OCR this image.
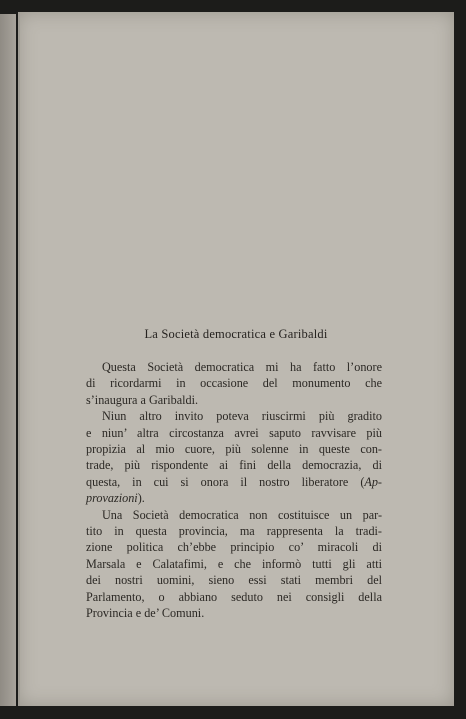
La Società democratica e Garibaldi
Questa Società democratica mi ha fatto l’onore
di ricordarmi in occasione del monumento che
s’inaugura a Garibaldi.
Niun altro invito poteva riuscirmi più gradito
e niun’ altra circostanza avrei saputo ravvisare più
propizia al mio cuore, più solenne in queste con-
trade, più rispondente ai fini della democrazia, di
questa, in cui si onora il nostro liberatore (Ap-
provazioni).
Una Società democratica non costituisce un par-
tito in questa provincia, ma rappresenta la tradi-
zione politica ch’ebbe principio co’ miracoli di
Marsala e Calatafimi, e che informò tutti gli atti
dei nostri uomini, sieno essi stati membri del
Parlamento, o abbiano seduto nei consigli della
Provincia e de’ Comuni.
